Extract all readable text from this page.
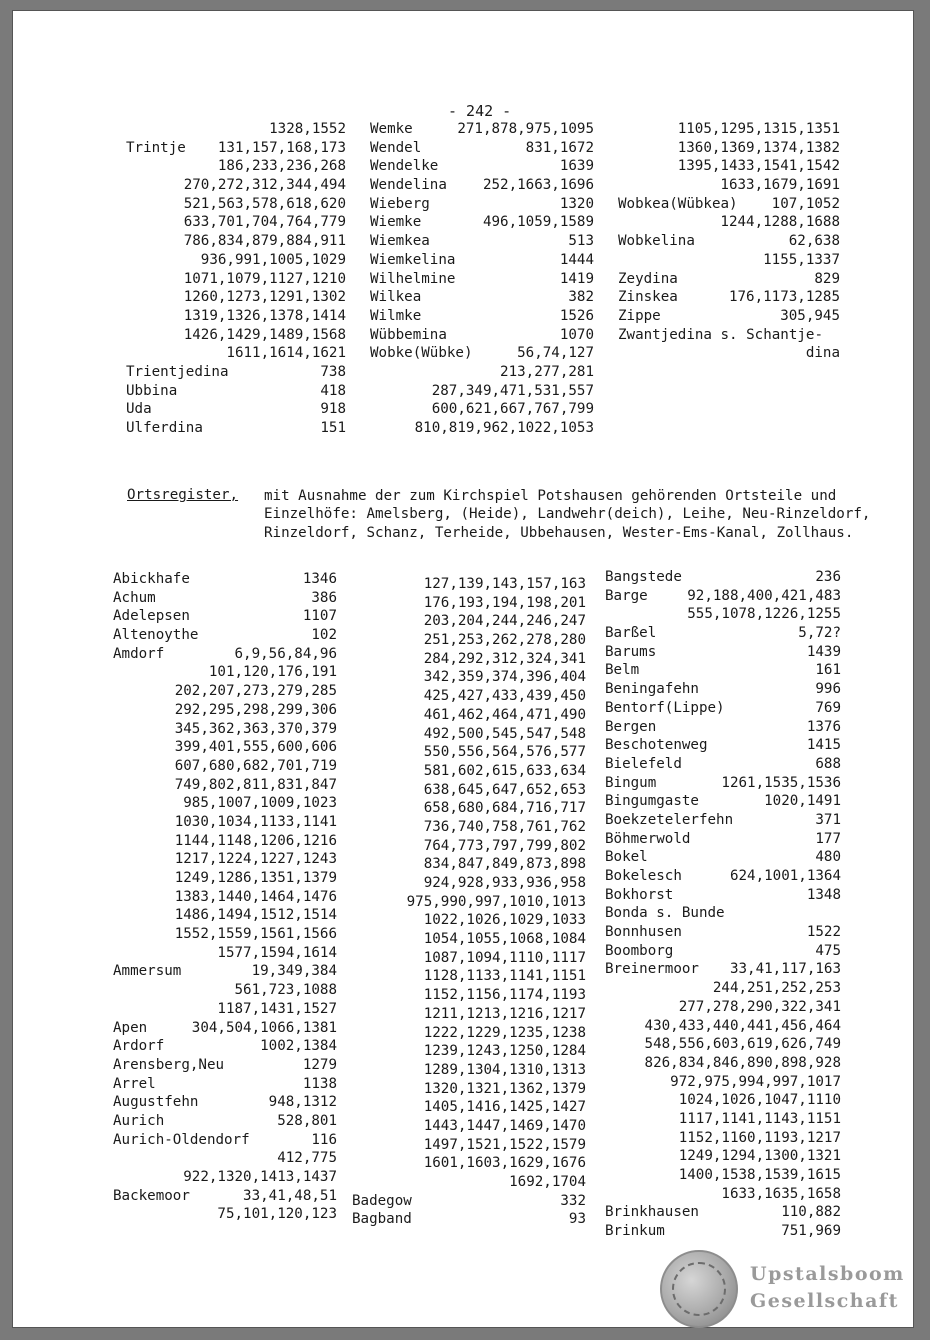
- 242 -
1328,1552
Trintje	131,157,168,173
186,233,236,268
270,272,312,344,494
521,563,578,618,620
633,701,704,764,779
786,834,879,884,911
936,991,1005,1029
1071,1079,1127,1210
1260,1273,1291,1302
1319,1326,1378,1414
1426,1429,1489,1568
1611,1614,1621
Trientjedina	738
Ubbina	418
Uda	918
Ulferdina	151
Wemke	271,878,975,1095
Wendel	831,1672
Wendelke	1639
Wendelina	252,1663,1696
Wieberg	1320
Wiemke	496,1059,1589
Wiemkea	513
Wiemkelina	1444
Wilhelmine	1419
Wilkea	382
Wilmke	1526
Wübbemina	1070
Wobke(Wübke)	56,74,127
213,277,281
287,349,471,531,557
600,621,667,767,799
810,819,962,1022,1053
1105,1295,1315,1351
1360,1369,1374,1382
1395,1433,1541,1542
1633,1679,1691
Wobkea(Wübkea)	107,1052
1244,1288,1688
Wobkelina	62,638
1155,1337
Zeydina	829
Zinskea	176,1173,1285
Zippe	305,945
Zwantjedina s. Schantje-
dina
Ortsregister, mit Ausnahme der zum Kirchspiel Potshausen gehörenden Ortsteile und Einzelhöfe: Amelsberg, (Heide), Landwehr(deich), Leihe, Neu-Rinzeldorf, Rinzeldorf, Schanz, Terheide, Ubbehausen, Wester-Ems-Kanal, Zollhaus.
Abickhafe	1346
Achum	386
Adelepsen	1107
Altenoythe	102
Amdorf	6,9,56,84,96
101,120,176,191
202,207,273,279,285
292,295,298,299,306
345,362,363,370,379
399,401,555,600,606
607,680,682,701,719
749,802,811,831,847
985,1007,1009,1023
1030,1034,1133,1141
1144,1148,1206,1216
1217,1224,1227,1243
1249,1286,1351,1379
1383,1440,1464,1476
1486,1494,1512,1514
1552,1559,1561,1566
1577,1594,1614
Ammersum	19,349,384
561,723,1088
1187,1431,1527
Apen	304,504,1066,1381
Ardorf	1002,1384
Arensberg,Neu	1279
Arrel	1138
Augustfehn	948,1312
Aurich	528,801
Aurich-Oldendorf	116
412,775
922,1320,1413,1437
Backemoor	33,41,48,51
75,101,120,123
127,139,143,157,163
176,193,194,198,201
203,204,244,246,247
251,253,262,278,280
284,292,312,324,341
342,359,374,396,404
425,427,433,439,450
461,462,464,471,490
492,500,545,547,548
550,556,564,576,577
581,602,615,633,634
638,645,647,652,653
658,680,684,716,717
736,740,758,761,762
764,773,797,799,802
834,847,849,873,898
924,928,933,936,958
975,990,997,1010,1013
1022,1026,1029,1033
1054,1055,1068,1084
1087,1094,1110,1117
1128,1133,1141,1151
1152,1156,1174,1193
1211,1213,1216,1217
1222,1229,1235,1238
1239,1243,1250,1284
1289,1304,1310,1313
1320,1321,1362,1379
1405,1416,1425,1427
1443,1447,1469,1470
1497,1521,1522,1579
1601,1603,1629,1676
1692,1704
Badegow	332
Bagband	93
Bangstede	236
Barge	92,188,400,421,483
555,1078,1226,1255
Barßel	5,72?
Barums	1439
Belm	161
Beningafehn	996
Bentorf(Lippe)	769
Bergen	1376
Beschotenweg	1415
Bielefeld	688
Bingum	1261,1535,1536
Bingumgaste	1020,1491
Boekzetelerfehn	371
Böhmerwold	177
Bokel	480
Bokelesch	624,1001,1364
Bokhorst	1348
Bonda s. Bunde
Bonnhusen	1522
Boomborg	475
Breinermoor	33,41,117,163
244,251,252,253
277,278,290,322,341
430,433,440,441,456,464
548,556,603,619,626,749
826,834,846,890,898,928
972,975,994,997,1017
1024,1026,1047,1110
1117,1141,1143,1151
1152,1160,1193,1217
1249,1294,1300,1321
1400,1538,1539,1615
1633,1635,1658
Brinkhausen	110,882
Brinkum	751,969
Upstalsboom
Gesellschaft
